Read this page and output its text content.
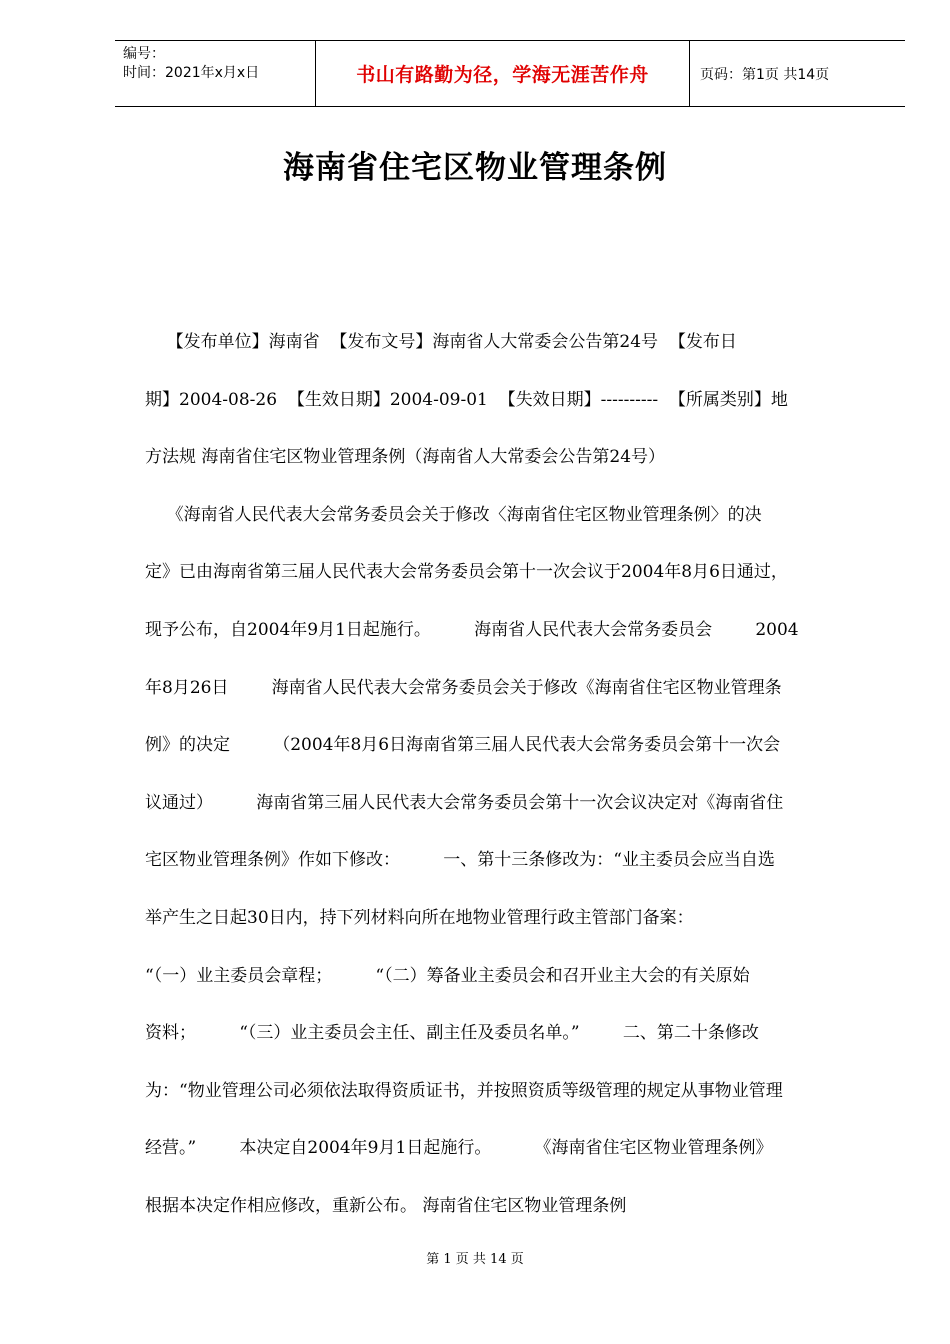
编号：
时间：2021年x月x日	书山有路勤为径，学海无涯苦作舟	页码：第1页 共14页
海南省住宅区物业管理条例
【发布单位】海南省  【发布文号】海南省人大常委会公告第24号  【发布日
期】2004-08-26  【生效日期】2004-09-01  【失效日期】----------  【所属类别】地
方法规 海南省住宅区物业管理条例（海南省人大常委会公告第24号）
《海南省人民代表大会常务委员会关于修改〈海南省住宅区物业管理条例〉的决
定》已由海南省第三届人民代表大会常务委员会第十一次会议于2004年8月6日通过，
现予公布，自2004年9月1日起施行。        海南省人民代表大会常务委员会        2004
年8月26日        海南省人民代表大会常务委员会关于修改《海南省住宅区物业管理条
例》的决定        （2004年8月6日海南省第三届人民代表大会常务委员会第十一次会
议通过）        海南省第三届人民代表大会常务委员会第十一次会议决定对《海南省住
宅区物业管理条例》作如下修改：        一、第十三条修改为：“业主委员会应当自选
举产生之日起30日内，持下列材料向所在地物业管理行政主管部门备案：
“（一）业主委员会章程；        “（二）筹备业主委员会和召开业主大会的有关原始
资料；        “（三）业主委员会主任、副主任及委员名单。”        二、第二十条修改
为：“物业管理公司必须依法取得资质证书，并按照资质等级管理的规定从事物业管理
经营。”        本决定自2004年9月1日起施行。        《海南省住宅区物业管理条例》
根据本决定作相应修改，重新公布。 海南省住宅区物业管理条例
第 1 页 共 14 页
